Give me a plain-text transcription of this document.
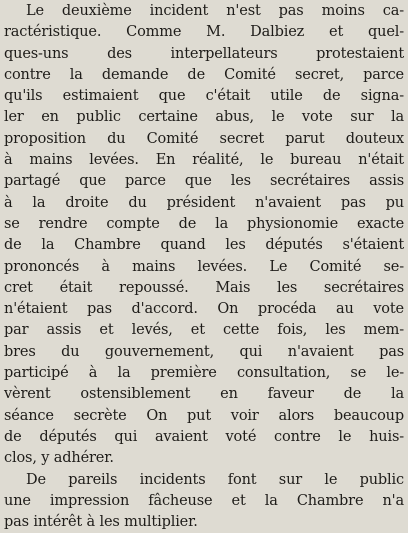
Le deuxième incident n'est pas moins ca-
ractéristique. Comme M. Dalbiez et quel-
ques-uns des interpellateurs protestaient
contre la demande de Comité secret, parce
qu'ils estimaient que c'était utile de signa-
ler en public certaine abus, le vote sur la
proposition du Comité secret parut douteux
à mains levées. En réalité, le bureau n'était
partagé que parce que les secrétaires assis
à la droite du président n'avaient pas pu
se rendre compte de la physionomie exacte
de la Chambre quand les députés s'étaient
prononcés à mains levées. Le Comité se-
cret était repoussé. Mais les secrétaires
n'étaient pas d'accord. On procéda au vote
par assis et levés, et cette fois, les mem-
bres du gouvernement, qui n'avaient pas
participé à la première consultation, se le-
vèrent ostensiblement en faveur de la
séance secrète On put voir alors beaucoup
de députés qui avaient voté contre le huis-
clos, y adhérer.

De pareils incidents font sur le public
une impression fâcheuse et la Chambre n'a
pas intérêt à les multiplier.
